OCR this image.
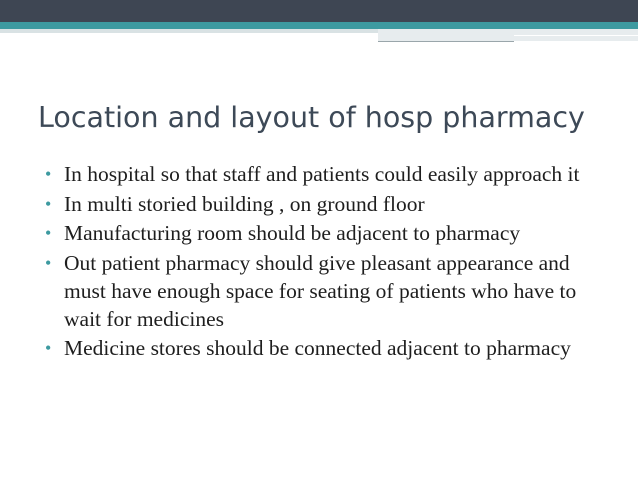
Location and layout of hosp pharmacy
• In hospital so that staff and patients could easily approach it
• In multi storied building , on ground floor
• Manufacturing room should be adjacent to pharmacy
• Out patient pharmacy should give pleasant appearance and must have enough space for seating of patients who have to wait for medicines
• Medicine stores should be connected adjacent to pharmacy
